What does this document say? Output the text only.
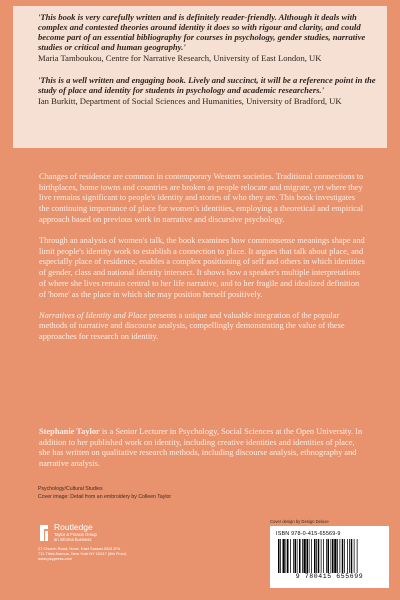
'This book is very carefully written and is definitely reader-friendly. Although it deals with complex and contested theories around identity it does so with rigour and clarity, and could become part of an essential bibliography for courses in psychology, gender studies, narrative studies or critical and human geography.'
Maria Tamboukou, Centre for Narrative Research, University of East London, UK
'This is a well written and engaging book. Lively and succinct, it will be a reference point in the study of place and identity for students in psychology and academic researchers.'
Ian Burkitt, Department of Social Sciences and Humanities, University of Bradford, UK

Changes of residence are common in contemporary Western societies. Traditional connections to birthplaces, home towns and countries are broken as people relocate and migrate, yet where they live remains significant to people's identity and stories of who they are. This book investigates the continuing importance of place for women's identities, employing a theoretical and empirical approach based on previous work in narrative and discursive psychology.

Through an analysis of women's talk, the book examines how commonsense meanings shape and limit people's identity work to establish a connection to place. It argues that talk about place, and especially place of residence, enables a complex positioning of self and others in which identities of gender, class and national identity intersect. It shows how a speaker's multiple interpretations of where she lives remain central to her life narrative, and to her fragile and idealized definition of 'home' as the place in which she may position herself positively.

Narratives of Identity and Place presents a unique and valuable integration of the popular methods of narrative and discourse analysis, compellingly demonstrating the value of these approaches for research on identity.

Stephanie Taylor is a Senior Lecturer in Psychology, Social Sciences at the Open University. In addition to her published work on identity, including creative identities and identities of place, she has written on qualitative research methods, including discourse analysis, ethnography and narrative analysis.
Psychology/Cultural Studies
Cover image: Detail from an embroidery by Colleen Taylor
Routledge
Taylor & Francis Group
an informa business
27 Church Road, Hove, East Sussex BN3 2FA
711 Third Avenue, New York NY 10017 (8th Floor)
www.psypress.com
Cover design by Design Deluxe
ISBN 978-0-415-65569-9
9 780415 655699
